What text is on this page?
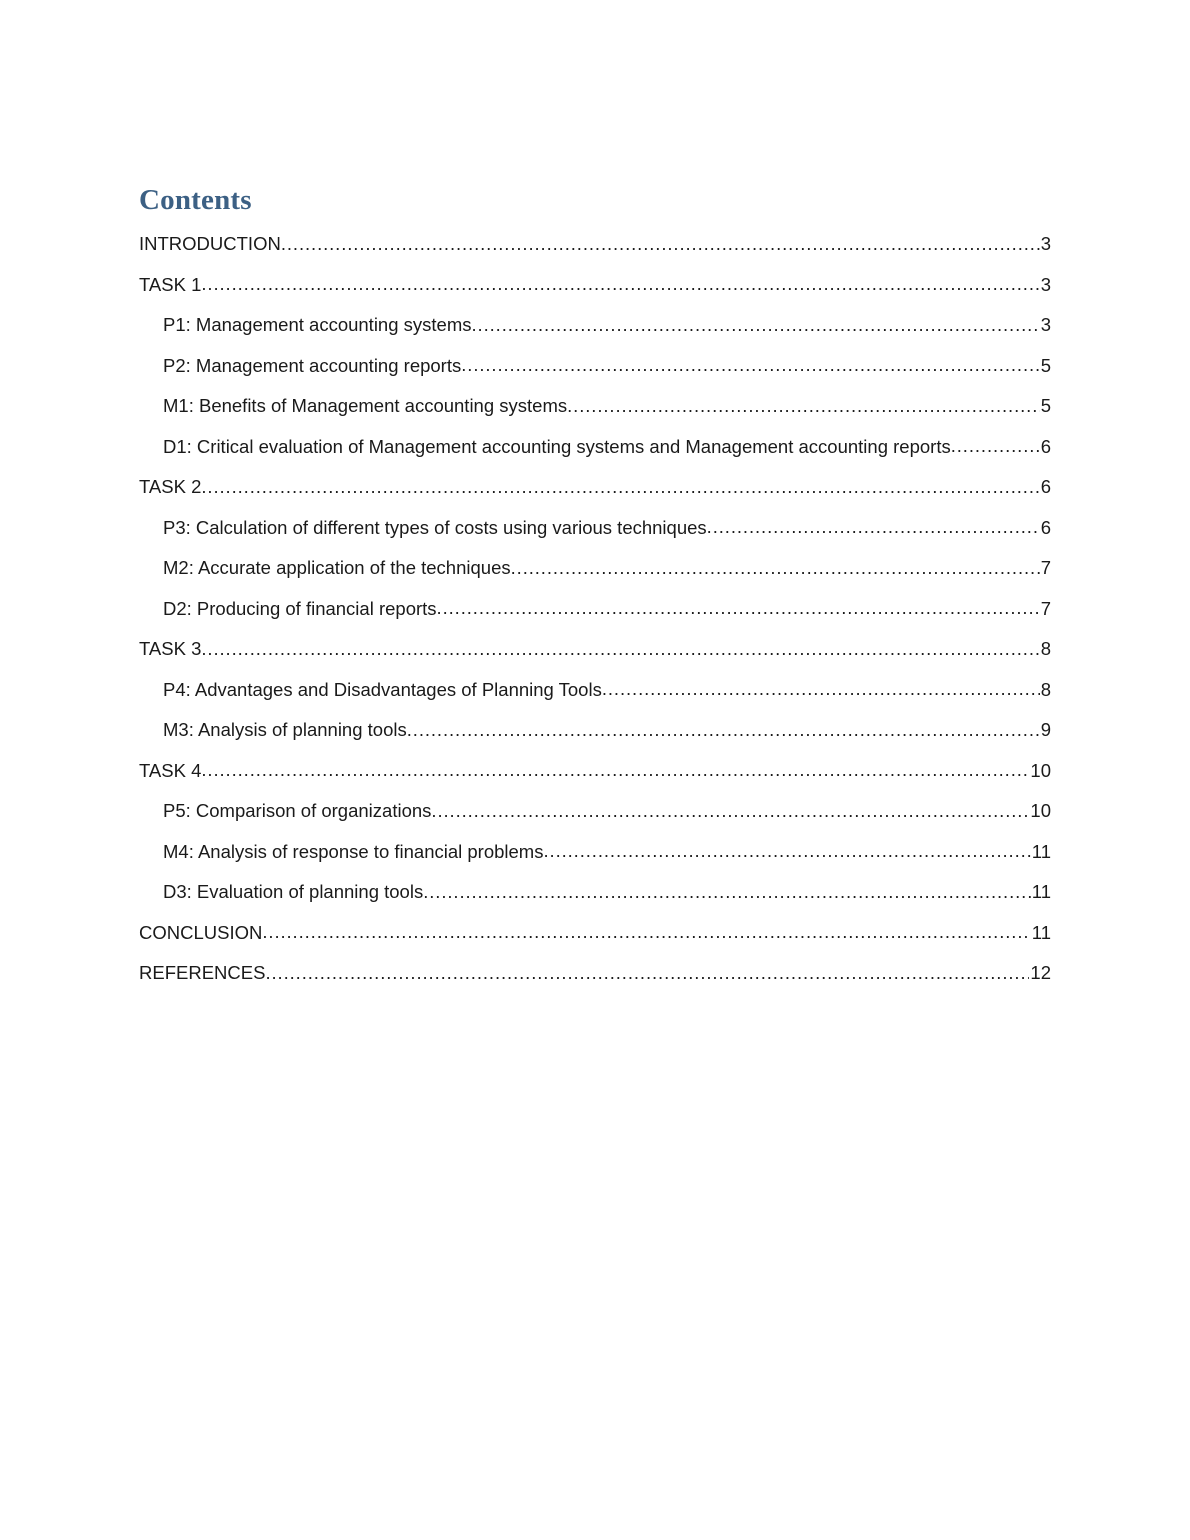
Contents
INTRODUCTION .....	3
TASK 1 .....	3
P1: Management accounting systems .....	3
P2: Management accounting reports .....	5
M1: Benefits of Management accounting systems .....	5
D1: Critical evaluation of Management accounting systems and Management accounting reports .....	6
TASK 2 .....	6
P3: Calculation of different types of costs using various techniques .....	6
M2: Accurate application of the techniques .....	7
D2: Producing of financial reports .....	7
TASK 3 .....	8
P4: Advantages and Disadvantages of Planning Tools .....	8
M3: Analysis of planning tools .....	9
TASK 4 .....	10
P5: Comparison of organizations .....	10
M4: Analysis of response to financial problems .....	11
D3: Evaluation of planning tools .....	11
CONCLUSION .....	11
REFERENCES .....	12
